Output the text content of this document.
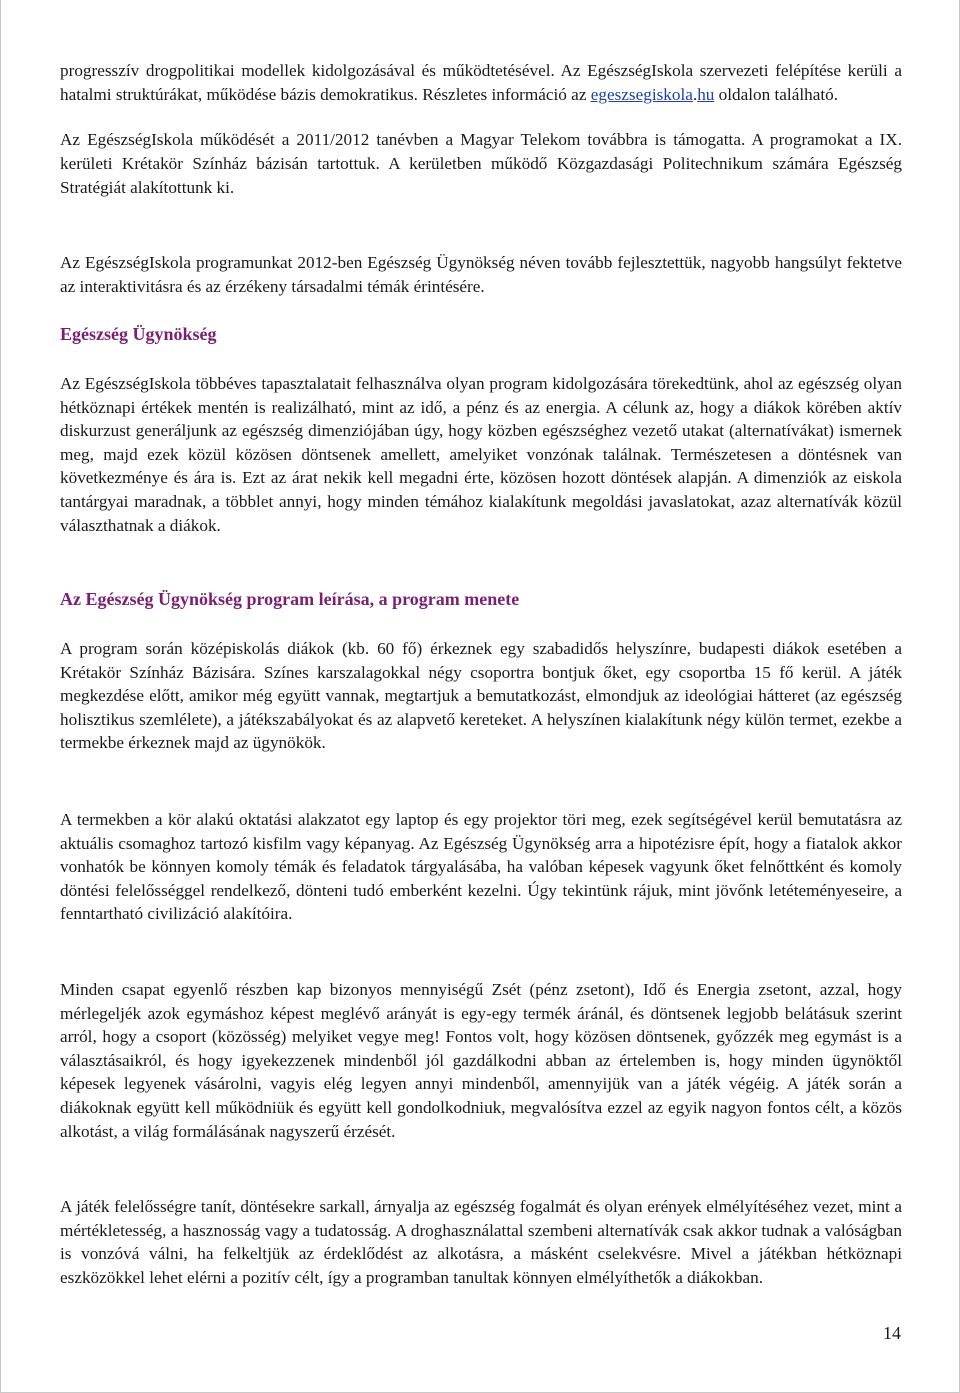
progresszív drogpolitikai modellek kidolgozásával és működtetésével. Az EgészségIskola szervezeti felépítése kerüli a hatalmi struktúrákat, működése bázis demokratikus. Részletes információ az egeszsegiskola.hu oldalon található.

Az EgészségIskola működését a 2011/2012 tanévben a Magyar Telekom továbbra is támogatta. A programokat a IX. kerületi Krétakör Színház bázisán tartottuk. A kerületben működő Közgazdasági Politechnikum számára Egészség Stratégiát alakítottunk ki.

Az EgészségIskola programunkat 2012-ben Egészség Ügynökség néven tovább fejlesztettük, nagyobb hangsúlyt fektetve az interaktivitásra és az érzékeny társadalmi témák érintésére.

Egészség Ügynökség

Az EgészségIskola többéves tapasztalatait felhasználva olyan program kidolgozására törekedtünk, ahol az egészség olyan hétköznapi értékek mentén is realizálható, mint az idő, a pénz és az energia. A célunk az, hogy a diákok körében aktív diskurzust generáljunk az egészség dimenziójában úgy, hogy közben egészséghez vezető utakat (alternatívákat) ismernek meg, majd ezek közül közösen döntsenek amellett, amelyiket vonzónak találnak. Természetesen a döntésnek van következménye és ára is. Ezt az árat nekik kell megadni érte, közösen hozott döntések alapján. A dimenziók az eiskola tantárgyai maradnak, a többlet annyi, hogy minden témához kialakítunk megoldási javaslatokat, azaz alternatívák közül választhatnak a diákok.

Az Egészség Ügynökség program leírása, a program menete

A program során középiskolás diákok (kb. 60 fő) érkeznek egy szabadidős helyszínre, budapesti diákok esetében a Krétakör Színház Bázisára. Színes karszalagokkal négy csoportra bontjuk őket, egy csoportba 15 fő kerül. A játék megkezdése előtt, amikor még együtt vannak, megtartjuk a bemutatkozást, elmondjuk az ideológiai hátteret (az egészség holisztikus szemlélete), a játékszabályokat és az alapvető kereteket. A helyszínen kialakítunk négy külön termet, ezekbe a termekbe érkeznek majd az ügynökök.

A termekben a kör alakú oktatási alakzatot egy laptop és egy projektor töri meg, ezek segítségével kerül bemutatásra az aktuális csomaghoz tartozó kisfilm vagy képanyag. Az Egészség Ügynökség arra a hipotézisre épít, hogy a fiatalok akkor vonhatók be könnyen komoly témák és feladatok tárgyalásába, ha valóban képesek vagyunk őket felnőttként és komoly döntési felelősséggel rendelkező, dönteni tudó emberként kezelni. Úgy tekintünk rájuk, mint jövőnk letéteményeseire, a fenntartható civilizáció alakítóira.

Minden csapat egyenlő részben kap bizonyos mennyiségű Zsét (pénz zsetont), Idő és Energia zsetont, azzal, hogy mérlegeljék azok egymáshoz képest meglévő arányát is egy-egy termék áránál, és döntsenek legjobb belátásuk szerint arról, hogy a csoport (közösség) melyiket vegye meg! Fontos volt, hogy közösen döntsenek, győzzék meg egymást is a választásaikról, és hogy igyekezzenek mindenből jól gazdálkodni abban az értelemben is, hogy minden ügynöktől képesek legyenek vásárolni, vagyis elég legyen annyi mindenből, amennyijük van a játék végéig. A játék során a diákoknak együtt kell működniük és együtt kell gondolkodniuk, megvalósítva ezzel az egyik nagyon fontos célt, a közös alkotást, a világ formálásának nagyszerű érzését.

A játék felelősségre tanít, döntésekre sarkall, árnyalja az egészség fogalmát és olyan erények elmélyítéséhez vezet, mint a mértékletesség, a hasznosság vagy a tudatosság. A droghasználattal szembeni alternatívák csak akkor tudnak a valóságban is vonzóvá válni, ha felkeltjük az érdeklődést az alkotásra, a másként cselekvésre. Mivel a játékban hétköznapi eszközökkel lehet elérni a pozitív célt, így a programban tanultak könnyen elmélyíthetők a diákokban.

14
